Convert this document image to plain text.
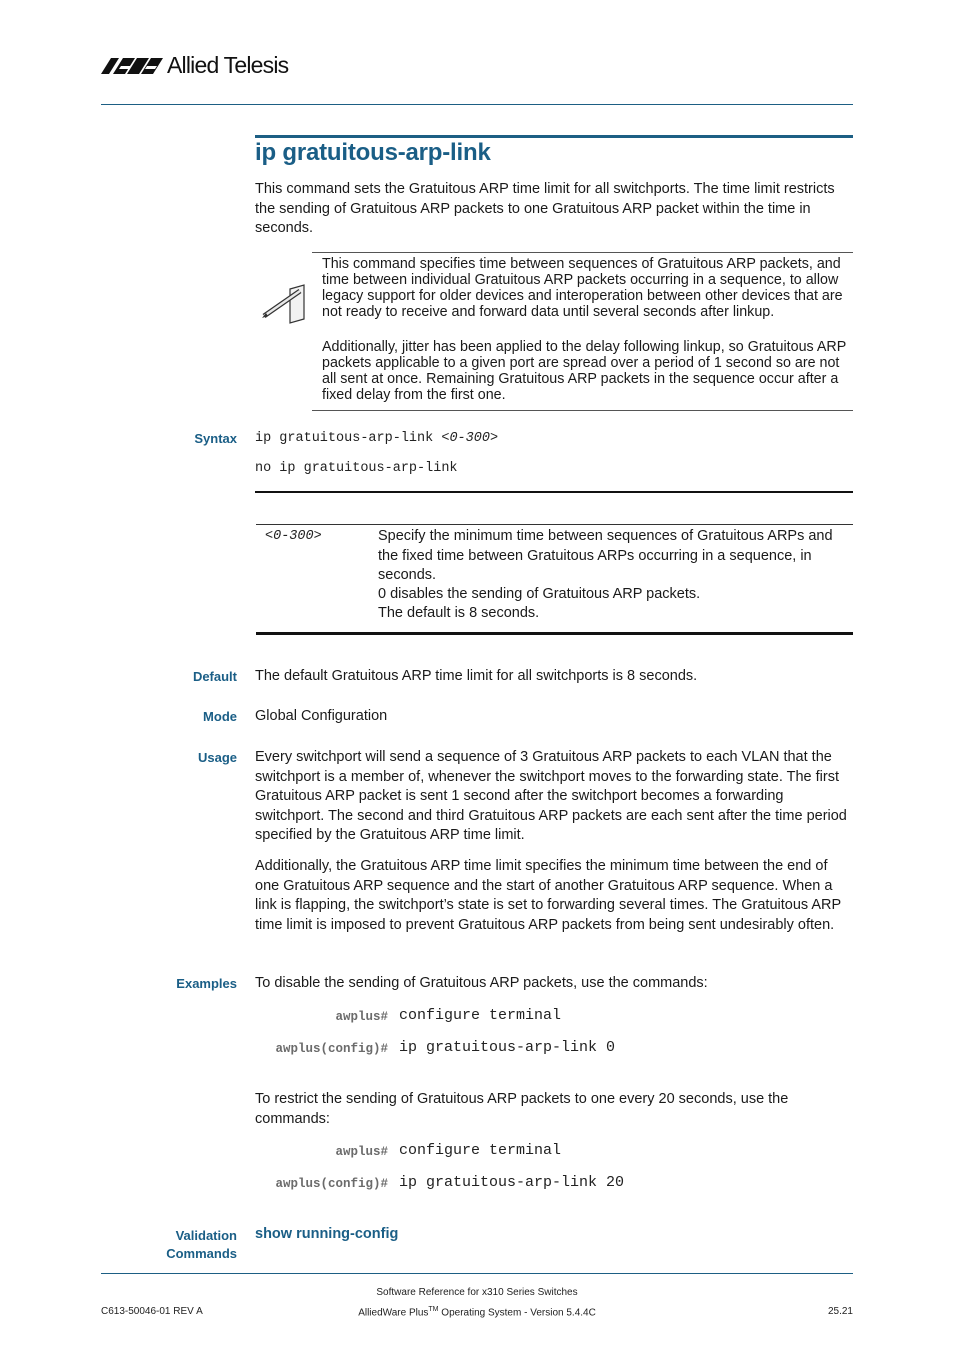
Allied Telesis
ip gratuitous-arp-link
This command sets the Gratuitous ARP time limit for all switchports. The time limit restricts the sending of Gratuitous ARP packets to one Gratuitous ARP packet within the time in seconds.
This command specifies time between sequences of Gratuitous ARP packets, and time between individual Gratuitous ARP packets occurring in a sequence, to allow legacy support for older devices and interoperation between other devices that are not ready to receive and forward data until several seconds after linkup.
Additionally, jitter has been applied to the delay following linkup, so Gratuitous ARP packets applicable to a given port are spread over a period of 1 second so are not all sent at once. Remaining Gratuitous ARP packets in the sequence occur after a fixed delay from the first one.
Syntax ip gratuitous-arp-link <0-300>
no ip gratuitous-arp-link
<0-300>	Specify the minimum time between sequences of Gratuitous ARPs and the fixed time between Gratuitous ARPs occurring in a sequence, in seconds.
0 disables the sending of Gratuitous ARP packets.
The default is 8 seconds.
Default The default Gratuitous ARP time limit for all switchports is 8 seconds.
Mode Global Configuration
Usage Every switchport will send a sequence of 3 Gratuitous ARP packets to each VLAN that the switchport is a member of, whenever the switchport moves to the forwarding state. The first Gratuitous ARP packet is sent 1 second after the switchport becomes a forwarding switchport. The second and third Gratuitous ARP packets are each sent after the time period specified by the Gratuitous ARP time limit.
Additionally, the Gratuitous ARP time limit specifies the minimum time between the end of one Gratuitous ARP sequence and the start of another Gratuitous ARP sequence. When a link is flapping, the switchport’s state is set to forwarding several times. The Gratuitous ARP time limit is imposed to prevent Gratuitous ARP packets from being sent undesirably often.
Examples To disable the sending of Gratuitous ARP packets, use the commands:
awplus# configure terminal
awplus(config)# ip gratuitous-arp-link 0
To restrict the sending of Gratuitous ARP packets to one every 20 seconds, use the commands:
awplus# configure terminal
awplus(config)# ip gratuitous-arp-link 20
Validation
Commands
show running-config
Software Reference for x310 Series Switches
C613-50046-01 REV A	AlliedWare Plus™ Operating System - Version 5.4.4C	25.21
